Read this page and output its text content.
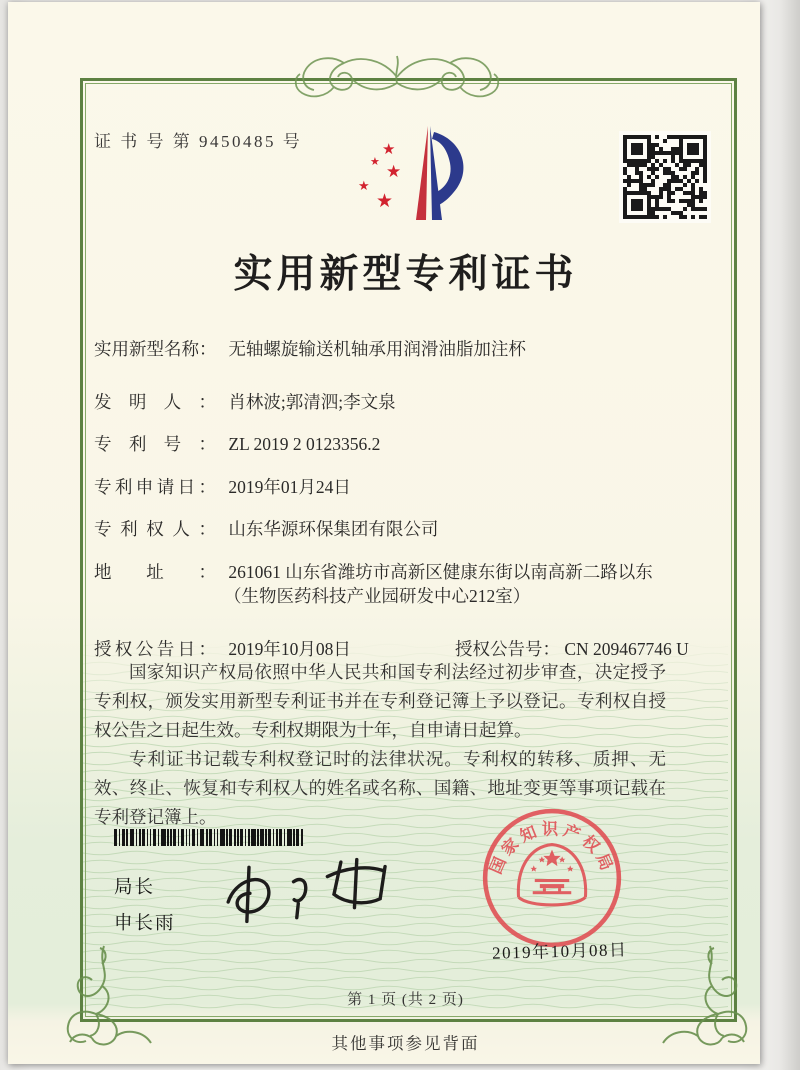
证 书 号 第 9450485 号	★
★
★
★
★
实用新型专利证书
实用新型名称： 无轴螺旋输送机轴承用润滑油脂加注杯
发明人： 肖林波;郭清泗;李文泉
专利号： ZL 2019 2 0123356.2
专利申请日： 2019年01月24日
专利权人： 山东华源环保集团有限公司
地址： 261061 山东省潍坊市高新区健康东街以南高新二路以东
（生物医药科技产业园研发中心212室）
授权公告日： 2019年10月08日	授权公告号： CN 209467746 U

国家知识产权局依照中华人民共和国专利法经过初步审查，决定授予专利权，颁发实用新型专利证书并在专利登记簿上予以登记。专利权自授权公告之日起生效。专利权期限为十年，自申请日起算。

专利证书记载专利权登记时的法律状况。专利权的转移、质押、无效、终止、恢复和专利权人的姓名或名称、国籍、地址变更等事项记载在专利登记簿上。

局长
申长雨
国家知识产权局
2019年10月08日
第 1 页 (共 2 页)
其他事项参见背面
